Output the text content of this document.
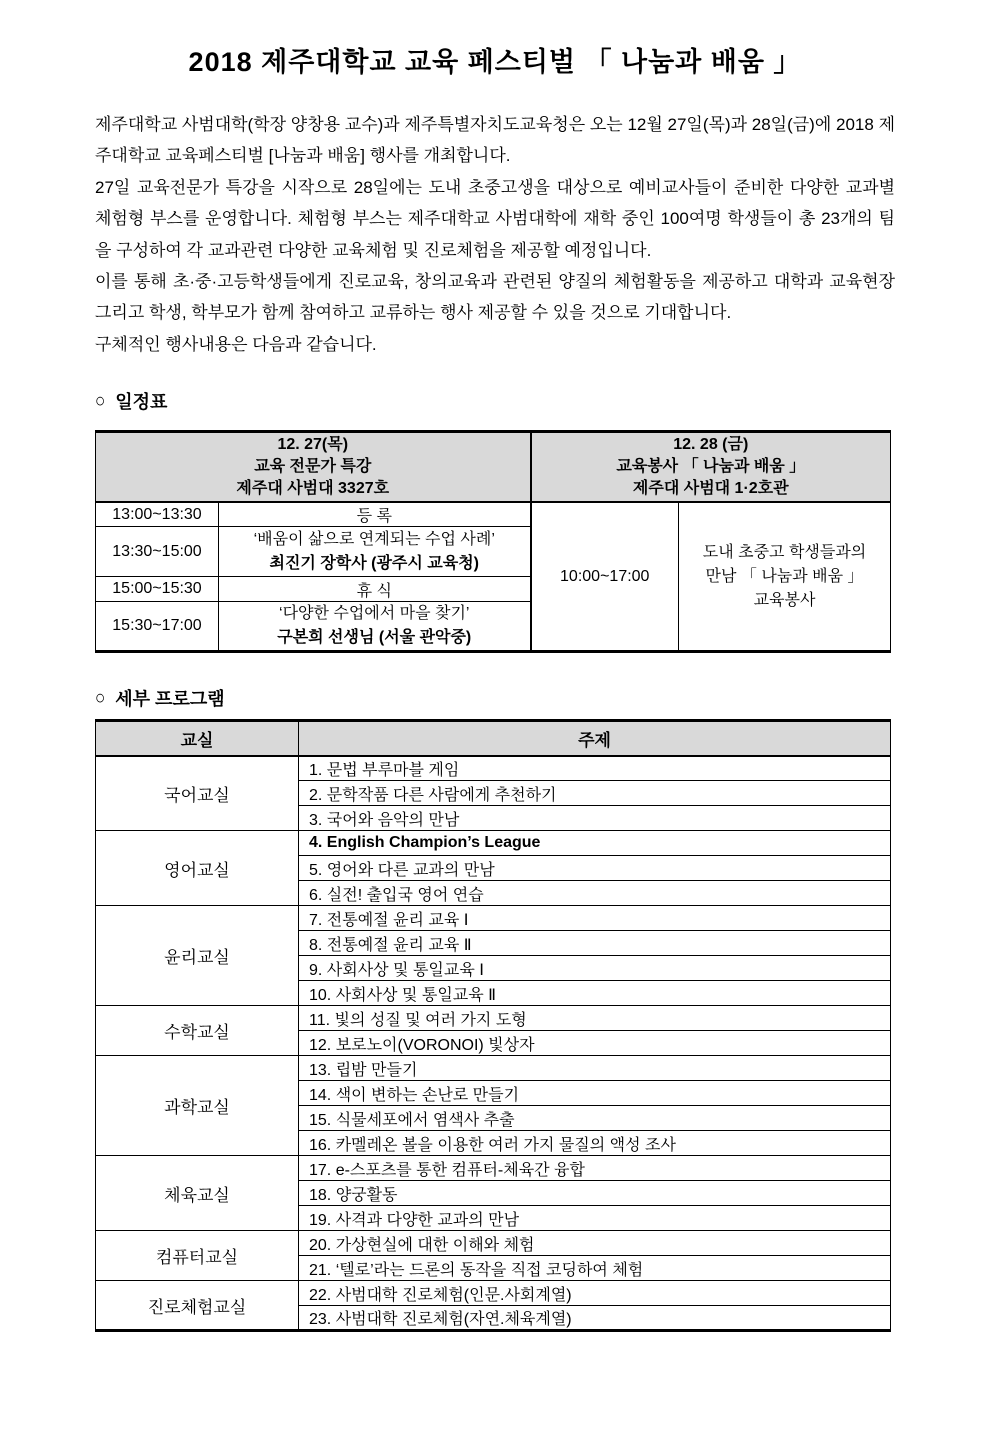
2018 제주대학교 교육 페스티벌 「 나눔과 배움 」

제주대학교 사범대학(학장 양창용 교수)과 제주특별자치도교육청은 오는 12월 27일(목)과 28일(금)에 2018 제주대학교 교육페스티벌 [나눔과 배움] 행사를 개최합니다.

27일 교육전문가 특강을 시작으로 28일에는 도내 초중고생을 대상으로 예비교사들이 준비한 다양한 교과별 체험형 부스를 운영합니다. 체험형 부스는 제주대학교 사범대학에 재학 중인 100여명 학생들이 총 23개의 팀을 구성하여 각 교과관련 다양한 교육체험 및 진로체험을 제공할 예정입니다.

이를 통해 초·중·고등학생들에게 진로교육, 창의교육과 관련된 양질의 체험활동을 제공하고 대학과 교육현장 그리고 학생, 학부모가 함께 참여하고 교류하는 행사 제공할 수 있을 것으로 기대합니다.

구체적인 행사내용은 다음과 같습니다.

○ 일정표
12. 27(목)
교육 전문가 특강
제주대 사범대 3327호

12. 28 (금)
교육봉사 「 나눔과 배움 」
제주대 사범대 1·2호관

13:00~13:30	등 록	10:00~17:00	도내 초중고 학생들과의
만남 「 나눔과 배움 」
교육봉사

13:30~15:00	‘배움이 삶으로 연계되는 수업 사례’
최진기 장학사 (광주시 교육청)		

15:00~15:30	휴 식		
15:30~17:00	‘다양한 수업에서 마을 찾기’
구본희 선생님 (서울 관악중)		
○ 세부 프로그램
교실	주제
국어교실	1. 문법 부루마블 게임
	2. 문학작품 다른 사람에게 추천하기
	3. 국어와 음악의 만남
영어교실	4. English Champion’s League
	5. 영어와 다른 교과의 만남
	6. 실전! 출입국 영어 연습
윤리교실	7. 전통예절 윤리 교육 Ⅰ
	8. 전통예절 윤리 교육 Ⅱ
	9. 사회사상 및 통일교육 Ⅰ
	10. 사회사상 및 통일교육 Ⅱ
수학교실	11. 빛의 성질 및 여러 가지 도형
	12. 보로노이(VORONOI) 빛상자
과학교실	13. 립밤 만들기
	14. 색이 변하는 손난로 만들기
	15. 식물세포에서 염색사 추출
	16. 카멜레온 볼을 이용한 여러 가지 물질의 액성 조사
체육교실	17. e-스포츠를 통한 컴퓨터-체육간 융합
	18. 양궁활동
	19. 사격과 다양한 교과의 만남
컴퓨터교실	20. 가상현실에 대한 이해와 체험
	21. ‘텔로’라는 드론의 동작을 직접 코딩하여 체험
진로체험교실	22. 사범대학 진로체험(인문.사회계열)
	23. 사범대학 진로체험(자연.체육계열)
